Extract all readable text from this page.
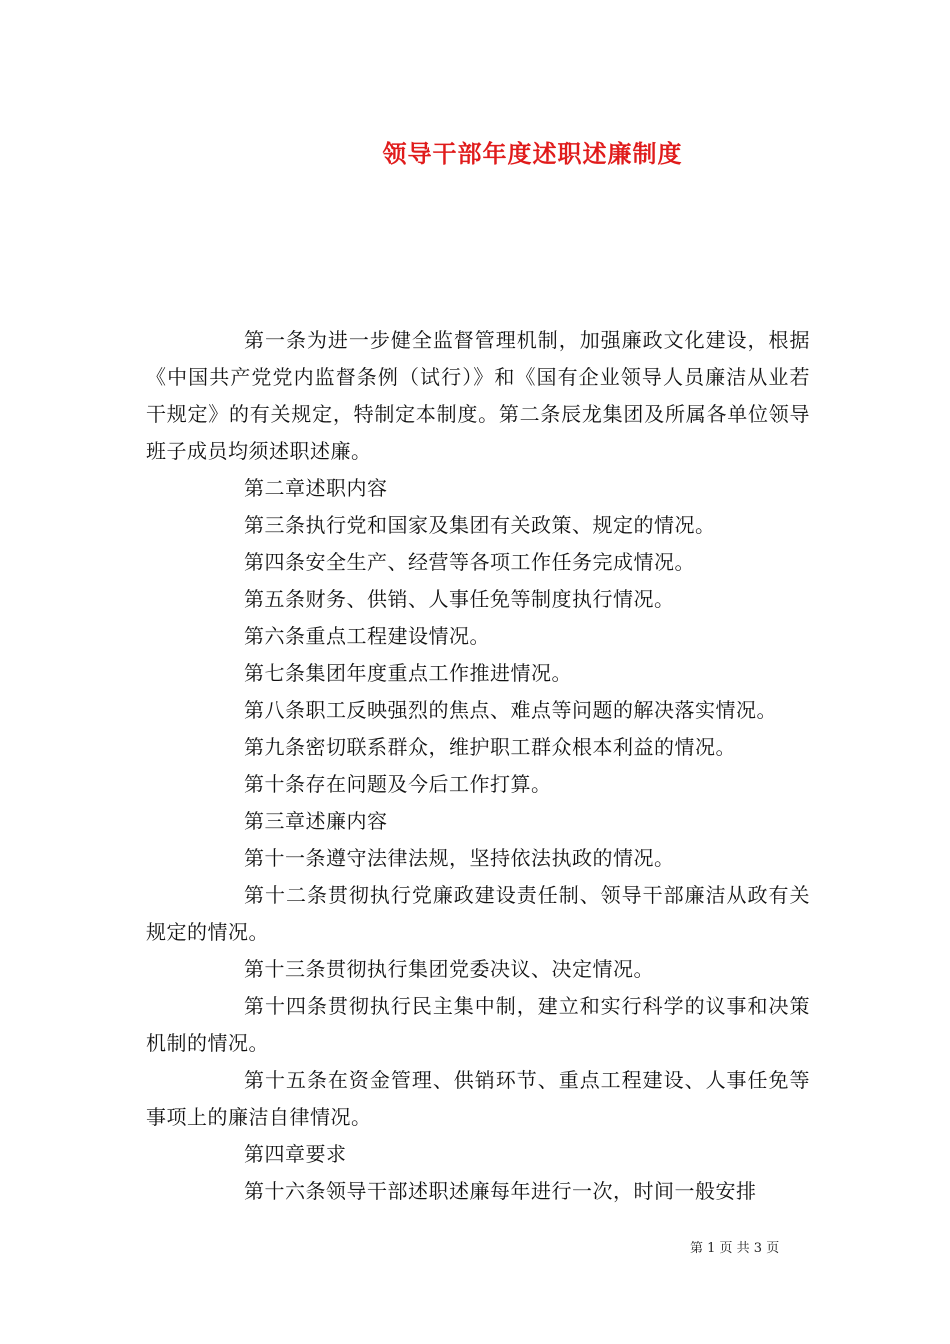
领导干部年度述职述廉制度

第一条为进一步健全监督管理机制，加强廉政文化建设，根据《中国共产党党内监督条例（试行）》和《国有企业领导人员廉洁从业若干规定》的有关规定，特制定本制度。第二条辰龙集团及所属各单位领导班子成员均须述职述廉。

第二章述职内容

第三条执行党和国家及集团有关政策、规定的情况。

第四条安全生产、经营等各项工作任务完成情况。

第五条财务、供销、人事任免等制度执行情况。

第六条重点工程建设情况。

第七条集团年度重点工作推进情况。

第八条职工反映强烈的焦点、难点等问题的解决落实情况。

第九条密切联系群众，维护职工群众根本利益的情况。

第十条存在问题及今后工作打算。

第三章述廉内容

第十一条遵守法律法规，坚持依法执政的情况。

第十二条贯彻执行党廉政建设责任制、领导干部廉洁从政有关规定的情况。

第十三条贯彻执行集团党委决议、决定情况。

第十四条贯彻执行民主集中制，建立和实行科学的议事和决策机制的情况。

第十五条在资金管理、供销环节、重点工程建设、人事任免等事项上的廉洁自律情况。

第四章要求

第十六条领导干部述职述廉每年进行一次，时间一般安排

第 1 页 共 3 页
